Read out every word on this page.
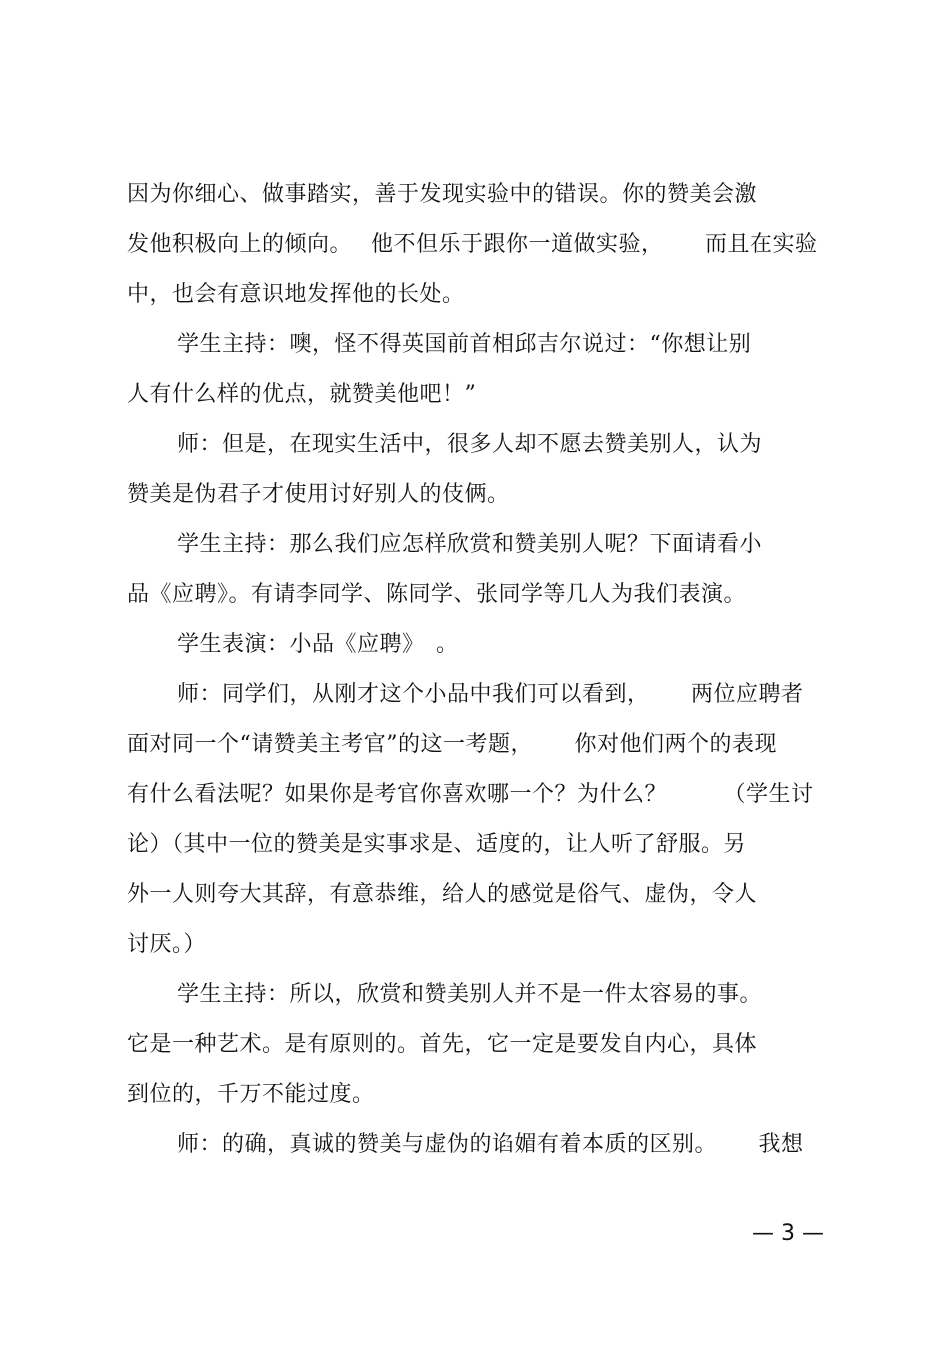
因为你细心、做事踏实，善于发现实验中的错误。你的赞美会激
发他积极向上的倾向。　 他不但乐于跟你一道做实验，　　 而且在实验
中，也会有意识地发挥他的长处。
学生主持：噢，怪不得英国前首相邱吉尔说过：“你想让别
人有什么样的优点，就赞美他吧！”
师：但是，在现实生活中，很多人却不愿去赞美别人，认为
赞美是伪君子才使用讨好别人的伎俩。
学生主持：那么我们应怎样欣赏和赞美别人呢？下面请看小
品《应聘》。有请李同学、陈同学、张同学等几人为我们表演。
学生表演：小品《应聘》　。
师：同学们，从刚才这个小品中我们可以看到，　　 两位应聘者
面对同一个“请赞美主考官”的这一考题，　　 你对他们两个的表现
有什么看法呢？如果你是考官你喜欢哪一个？为什么？　　　（学生讨
论）（其中一位的赞美是实事求是、适度的，让人听了舒服。另
外一人则夸大其辞，有意恭维，给人的感觉是俗气、虚伪，令人
讨厌。）
学生主持：所以，欣赏和赞美别人并不是一件太容易的事。
它是一种艺术。是有原则的。首先，它一定是要发自内心，具体
到位的，千万不能过度。
师：的确，真诚的赞美与虚伪的谄媚有着本质的区别。　　 我想
— 3 —
